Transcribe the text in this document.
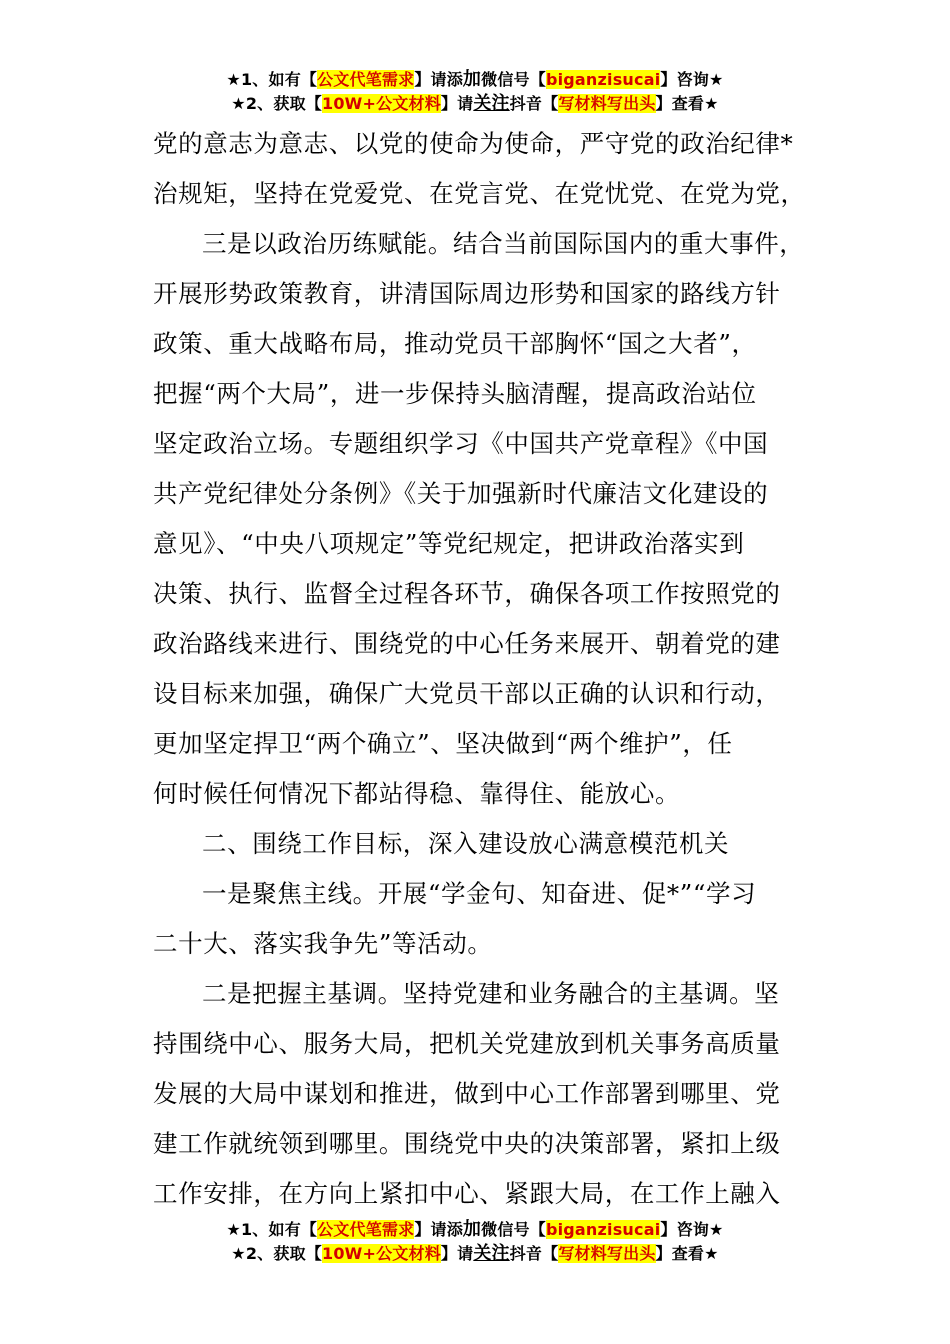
★1、如有【公文代笔需求】请添加微信号【biganzisucai】咨询★
★2、获取【10W+公文材料】请关注抖音【写材料写出头】查看★

党的意志为意志、以党的使命为使命，严守党的政治纪律*
治规矩，坚持在党爱党、在党言党、在党忧党、在党为党，

三是以政治历练赋能。结合当前国际国内的重大事件，
开展形势政策教育，讲清国际周边形势和国家的路线方针
政策、重大战略布局，推动党员干部胸怀“国之大者”，
把握“两个大局”，进一步保持头脑清醒，提高政治站位
坚定政治立场。专题组织学习《中国共产党章程》《中国
共产党纪律处分条例》《关于加强新时代廉洁文化建设的
意见》、“中央八项规定”等党纪规定，把讲政治落实到
决策、执行、监督全过程各环节，确保各项工作按照党的
政治路线来进行、围绕党的中心任务来展开、朝着党的建
设目标来加强，确保广大党员干部以正确的认识和行动，
更加坚定捍卫“两个确立”、坚决做到“两个维护”，任
何时候任何情况下都站得稳、靠得住、能放心。

二、围绕工作目标，深入建设放心满意模范机关

一是聚焦主线。开展“学金句、知奋进、促*”“学习
二十大、落实我争先”等活动。

二是把握主基调。坚持党建和业务融合的主基调。坚
持围绕中心、服务大局，把机关党建放到机关事务高质量
发展的大局中谋划和推进，做到中心工作部署到哪里、党
建工作就统领到哪里。围绕党中央的决策部署，紧扣上级
工作安排，在方向上紧扣中心、紧跟大局，在工作上融入

★1、如有【公文代笔需求】请添加微信号【biganzisucai】咨询★
★2、获取【10W+公文材料】请关注抖音【写材料写出头】查看★
